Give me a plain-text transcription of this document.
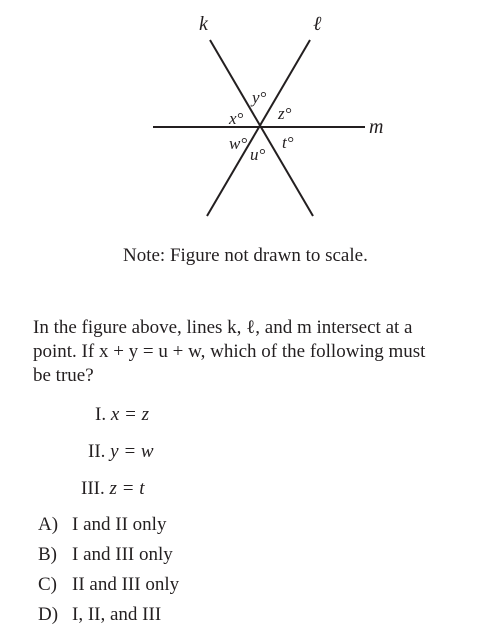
k	ℓ
m
x°
y°
z°
w°
u°
t°
Note: Figure not drawn to scale.
In the figure above, lines k, ℓ, and m intersect at a
point. If x + y = u + w, which of the following must
be true?
I. x = z
II. y = w
III. z = t
A) I and II only
B) I and III only
C) II and III only
D) I, II, and III
